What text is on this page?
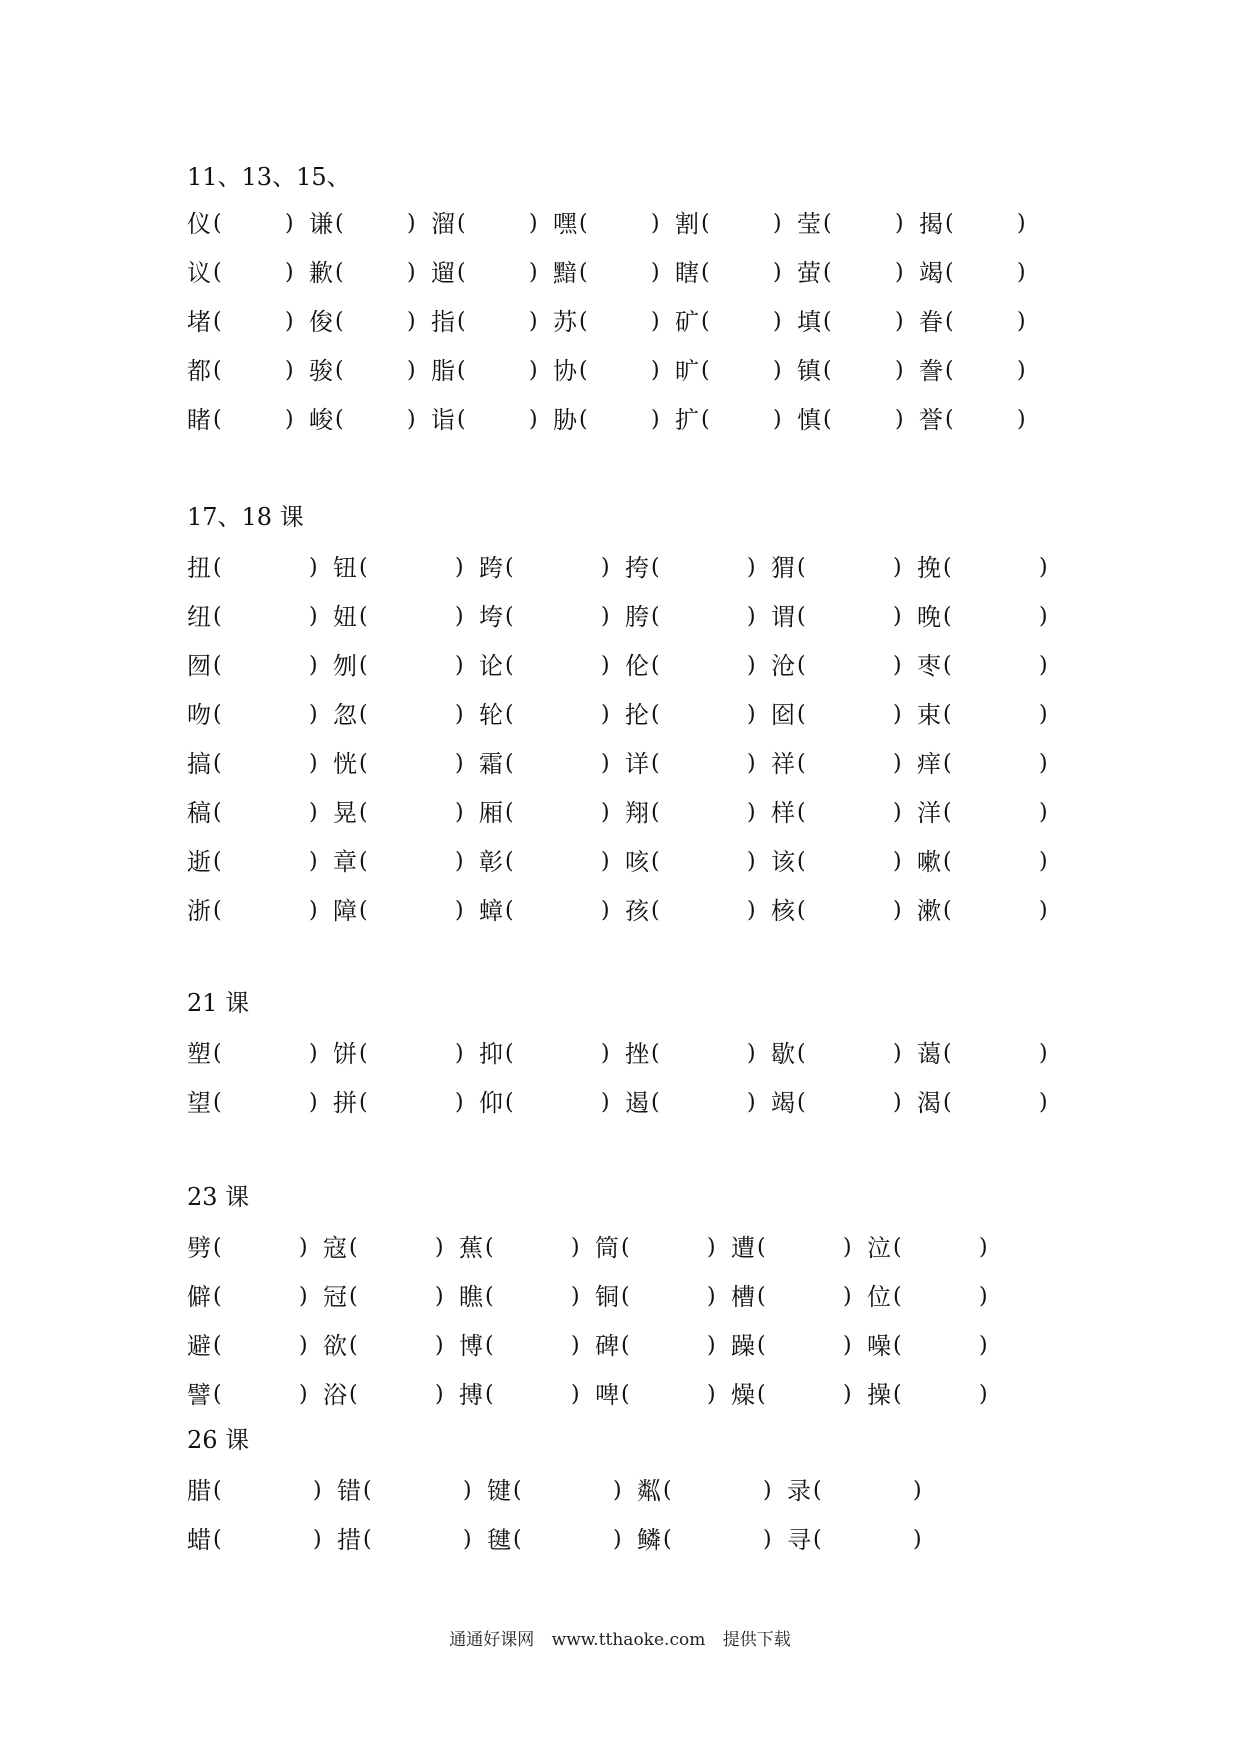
11、13、15、
仪 (	) 谦 (	) 溜 (	) 嘿 (	) 割 (	) 莹 (	) 揭 (	)
议 (	) 歉 (	) 遛 (	) 黯 (	) 瞎 (	) 萤 (	) 竭 (	)
堵 (	) 俊 (	) 指 (	) 苏 (	) 矿 (	) 填 (	) 眷 (	)
都 (	) 骏 (	) 脂 (	) 协 (	) 旷 (	) 镇 (	) 誊 (	)
睹 (	) 峻 (	) 诣 (	) 胁 (	) 扩 (	) 慎 (	) 誉 (	)
17、18 课
扭 (	) 钮 (	) 跨 (	) 挎 (	) 猬 (	) 挽 (	)
纽 (	) 妞 (	) 垮 (	) 胯 (	) 谓 (	) 晚 (	)
囫 (	) 刎 (	) 论 (	) 伦 (	) 沧 (	) 枣 (	)
吻 (	) 忽 (	) 轮 (	) 抡 (	) 囵 (	) 束 (	)
搞 (	) 恍 (	) 霜 (	) 详 (	) 祥 (	) 痒 (	)
稿 (	) 晃 (	) 厢 (	) 翔 (	) 样 (	) 洋 (	)
逝 (	) 章 (	) 彰 (	) 咳 (	) 该 (	) 嗽 (	)
浙 (	) 障 (	) 蟑 (	) 孩 (	) 核 (	) 漱 (	)
21 课
塑 (	) 饼 (	) 抑 (	) 挫 (	) 歇 (	) 蔼 (	)
望 (	) 拼 (	) 仰 (	) 遏 (	) 竭 (	) 渴 (	)
23 课
劈 (	) 寇 (	) 蕉 (	) 筒 (	) 遭 (	) 泣 (	)
僻 (	) 冠 (	) 瞧 (	) 铜 (	) 槽 (	) 位 (	)
避 (	) 欲 (	) 博 (	) 碑 (	) 躁 (	) 噪 (	)
譬 (	) 浴 (	) 搏 (	) 啤 (	) 燥 (	) 操 (	)
26 课
腊 (	) 错 (	) 键 (	) 粼 (	) 录 (	)
蜡 (	) 措 (	) 毽 (	) 鳞 (	) 寻 (	)
通通好课网 www.tthaoke.com 提供下载
